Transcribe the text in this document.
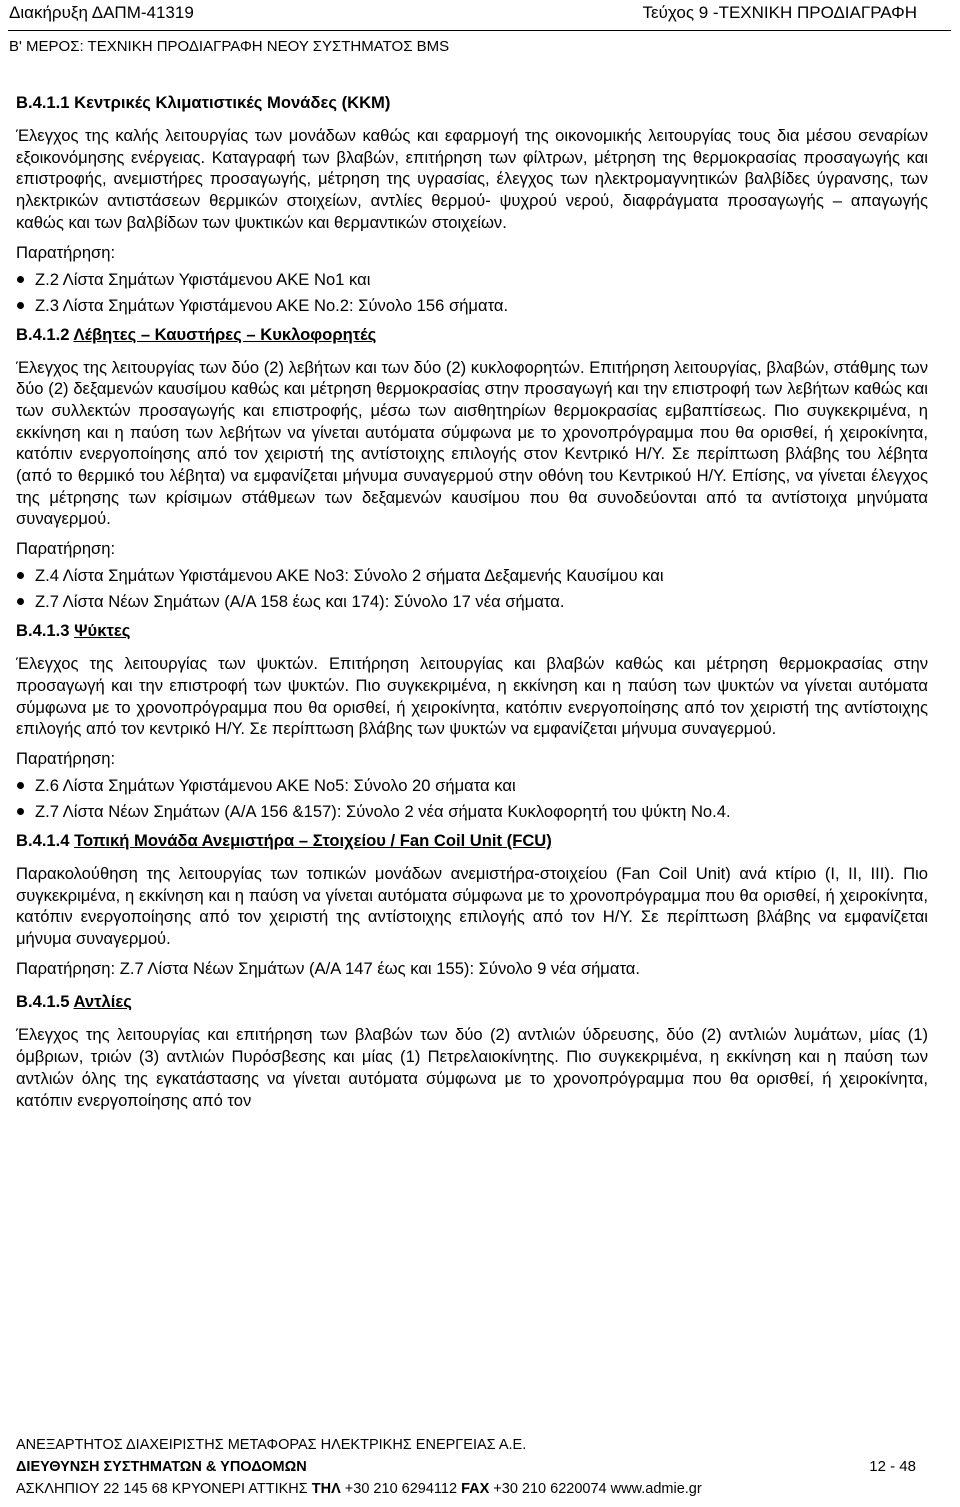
Διακήρυξη ΔΑΠΜ-41319	Τεύχος 9 -ΤΕΧΝΙΚΗ ΠΡΟΔΙΑΓΡΑΦΗ
Β' ΜΕΡΟΣ: ΤΕΧΝΙΚΗ ΠΡΟΔΙΑΓΡΑΦΗ ΝΕΟΥ ΣΥΣΤΗΜΑΤΟΣ BMS
Β.4.1.1 Κεντρικές Κλιματιστικές Μονάδες (ΚΚΜ)
Έλεγχος της καλής λειτουργίας των μονάδων καθώς και εφαρμογή της οικονομικής λειτουργίας τους δια μέσου σεναρίων εξοικονόμησης ενέργειας. Καταγραφή των βλαβών, επιτήρηση των φίλτρων, μέτρηση της θερμοκρασίας προσαγωγής και επιστροφής, ανεμιστήρες προσαγωγής, μέτρηση της υγρασίας, έλεγχος των ηλεκτρομαγνητικών βαλβίδες ύγρανσης, των ηλεκτρικών αντιστάσεων θερμικών στοιχείων, αντλίες θερμού- ψυχρού νερού, διαφράγματα προσαγωγής – απαγωγής καθώς και των βαλβίδων των ψυκτικών και θερμαντικών στοιχείων.
Παρατήρηση:
Ζ.2 Λίστα Σημάτων Υφιστάμενου ΑΚΕ Νο1 και
Ζ.3 Λίστα Σημάτων Υφιστάμενου ΑΚΕ Νο.2: Σύνολο 156 σήματα.
Β.4.1.2 Λέβητες – Καυστήρες – Κυκλοφορητές
Έλεγχος της λειτουργίας των δύο (2) λεβήτων και των δύο (2) κυκλοφορητών. Επιτήρηση λειτουργίας, βλαβών, στάθμης των δύο (2) δεξαμενών καυσίμου καθώς και μέτρηση θερμοκρασίας στην προσαγωγή και την επιστροφή των λεβήτων καθώς και των συλλεκτών προσαγωγής και επιστροφής, μέσω των αισθητηρίων θερμοκρασίας εμβαπτίσεως. Πιο συγκεκριμένα, η εκκίνηση και η παύση των λεβήτων να γίνεται αυτόματα σύμφωνα με το χρονοπρόγραμμα που θα ορισθεί, ή χειροκίνητα, κατόπιν ενεργοποίησης από τον χειριστή της αντίστοιχης επιλογής στον Κεντρικό Η/Υ. Σε περίπτωση βλάβης του λέβητα (από το θερμικό του λέβητα) να εμφανίζεται μήνυμα συναγερμού στην οθόνη του Κεντρικού Η/Υ. Επίσης, να γίνεται έλεγχος της μέτρησης των κρίσιμων στάθμεων των δεξαμενών καυσίμου που θα συνοδεύονται από τα αντίστοιχα μηνύματα συναγερμού.
Παρατήρηση:
Ζ.4 Λίστα Σημάτων Υφιστάμενου ΑΚΕ Νο3: Σύνολο 2 σήματα Δεξαμενής Καυσίμου και
Ζ.7 Λίστα Νέων Σημάτων (Α/Α 158 έως και 174): Σύνολο 17 νέα σήματα.
Β.4.1.3 Ψύκτες
Έλεγχος της λειτουργίας των ψυκτών. Επιτήρηση λειτουργίας και βλαβών καθώς και μέτρηση θερμοκρασίας στην προσαγωγή και την επιστροφή των ψυκτών. Πιο συγκεκριμένα, η εκκίνηση και η παύση των ψυκτών να γίνεται αυτόματα σύμφωνα με το χρονοπρόγραμμα που θα ορισθεί, ή χειροκίνητα, κατόπιν ενεργοποίησης από τον χειριστή της αντίστοιχης επιλογής από τον κεντρικό Η/Υ. Σε περίπτωση βλάβης των ψυκτών να εμφανίζεται μήνυμα συναγερμού.
Παρατήρηση:
Ζ.6 Λίστα Σημάτων Υφιστάμενου ΑΚΕ Νο5: Σύνολο 20 σήματα και
Ζ.7 Λίστα Νέων Σημάτων (Α/Α 156 &157): Σύνολο 2 νέα σήματα Κυκλοφορητή του ψύκτη Νο.4.
Β.4.1.4 Τοπική Μονάδα Ανεμιστήρα – Στοιχείου / Fan Coil Unit (FCU)
Παρακολούθηση της λειτουργίας των τοπικών μονάδων ανεμιστήρα-στοιχείου (Fan Coil Unit) ανά κτίριο (Ι, ΙΙ, ΙΙΙ). Πιο συγκεκριμένα, η εκκίνηση και η παύση να γίνεται αυτόματα σύμφωνα με το χρονοπρόγραμμα που θα ορισθεί, ή χειροκίνητα, κατόπιν ενεργοποίησης από τον χειριστή της αντίστοιχης επιλογής από τον Η/Υ. Σε περίπτωση βλάβης να εμφανίζεται μήνυμα συναγερμού.
Παρατήρηση: Ζ.7 Λίστα Νέων Σημάτων (Α/Α 147 έως και 155): Σύνολο 9 νέα σήματα.
Β.4.1.5 Αντλίες
Έλεγχος της λειτουργίας και επιτήρηση των βλαβών των δύο (2) αντλιών ύδρευσης, δύο (2) αντλιών λυμάτων, μίας (1) όμβριων, τριών (3) αντλιών Πυρόσβεσης και μίας (1) Πετρελαιοκίνητης. Πιο συγκεκριμένα, η εκκίνηση και η παύση των αντλιών όλης της εγκατάστασης να γίνεται αυτόματα σύμφωνα με το χρονοπρόγραμμα που θα ορισθεί, ή χειροκίνητα, κατόπιν ενεργοποίησης από τον
ΑΝΕΞΑΡΤΗΤΟΣ ΔΙΑΧΕΙΡΙΣΤΗΣ ΜΕΤΑΦΟΡΑΣ ΗΛΕΚΤΡΙΚΗΣ ΕΝΕΡΓΕΙΑΣ Α.Ε.
ΔΙΕΥΘΥΝΣΗ ΣΥΣΤΗΜΑΤΩΝ & ΥΠΟΔΟΜΩΝ	12 - 48
ΑΣΚΛΗΠΙΟΥ 22 145 68 ΚΡΥΟΝΕΡΙ ΑΤΤΙΚΗΣ ΤΗΛ +30 210 6294112 FAX +30 210 6220074 www.admie.gr
